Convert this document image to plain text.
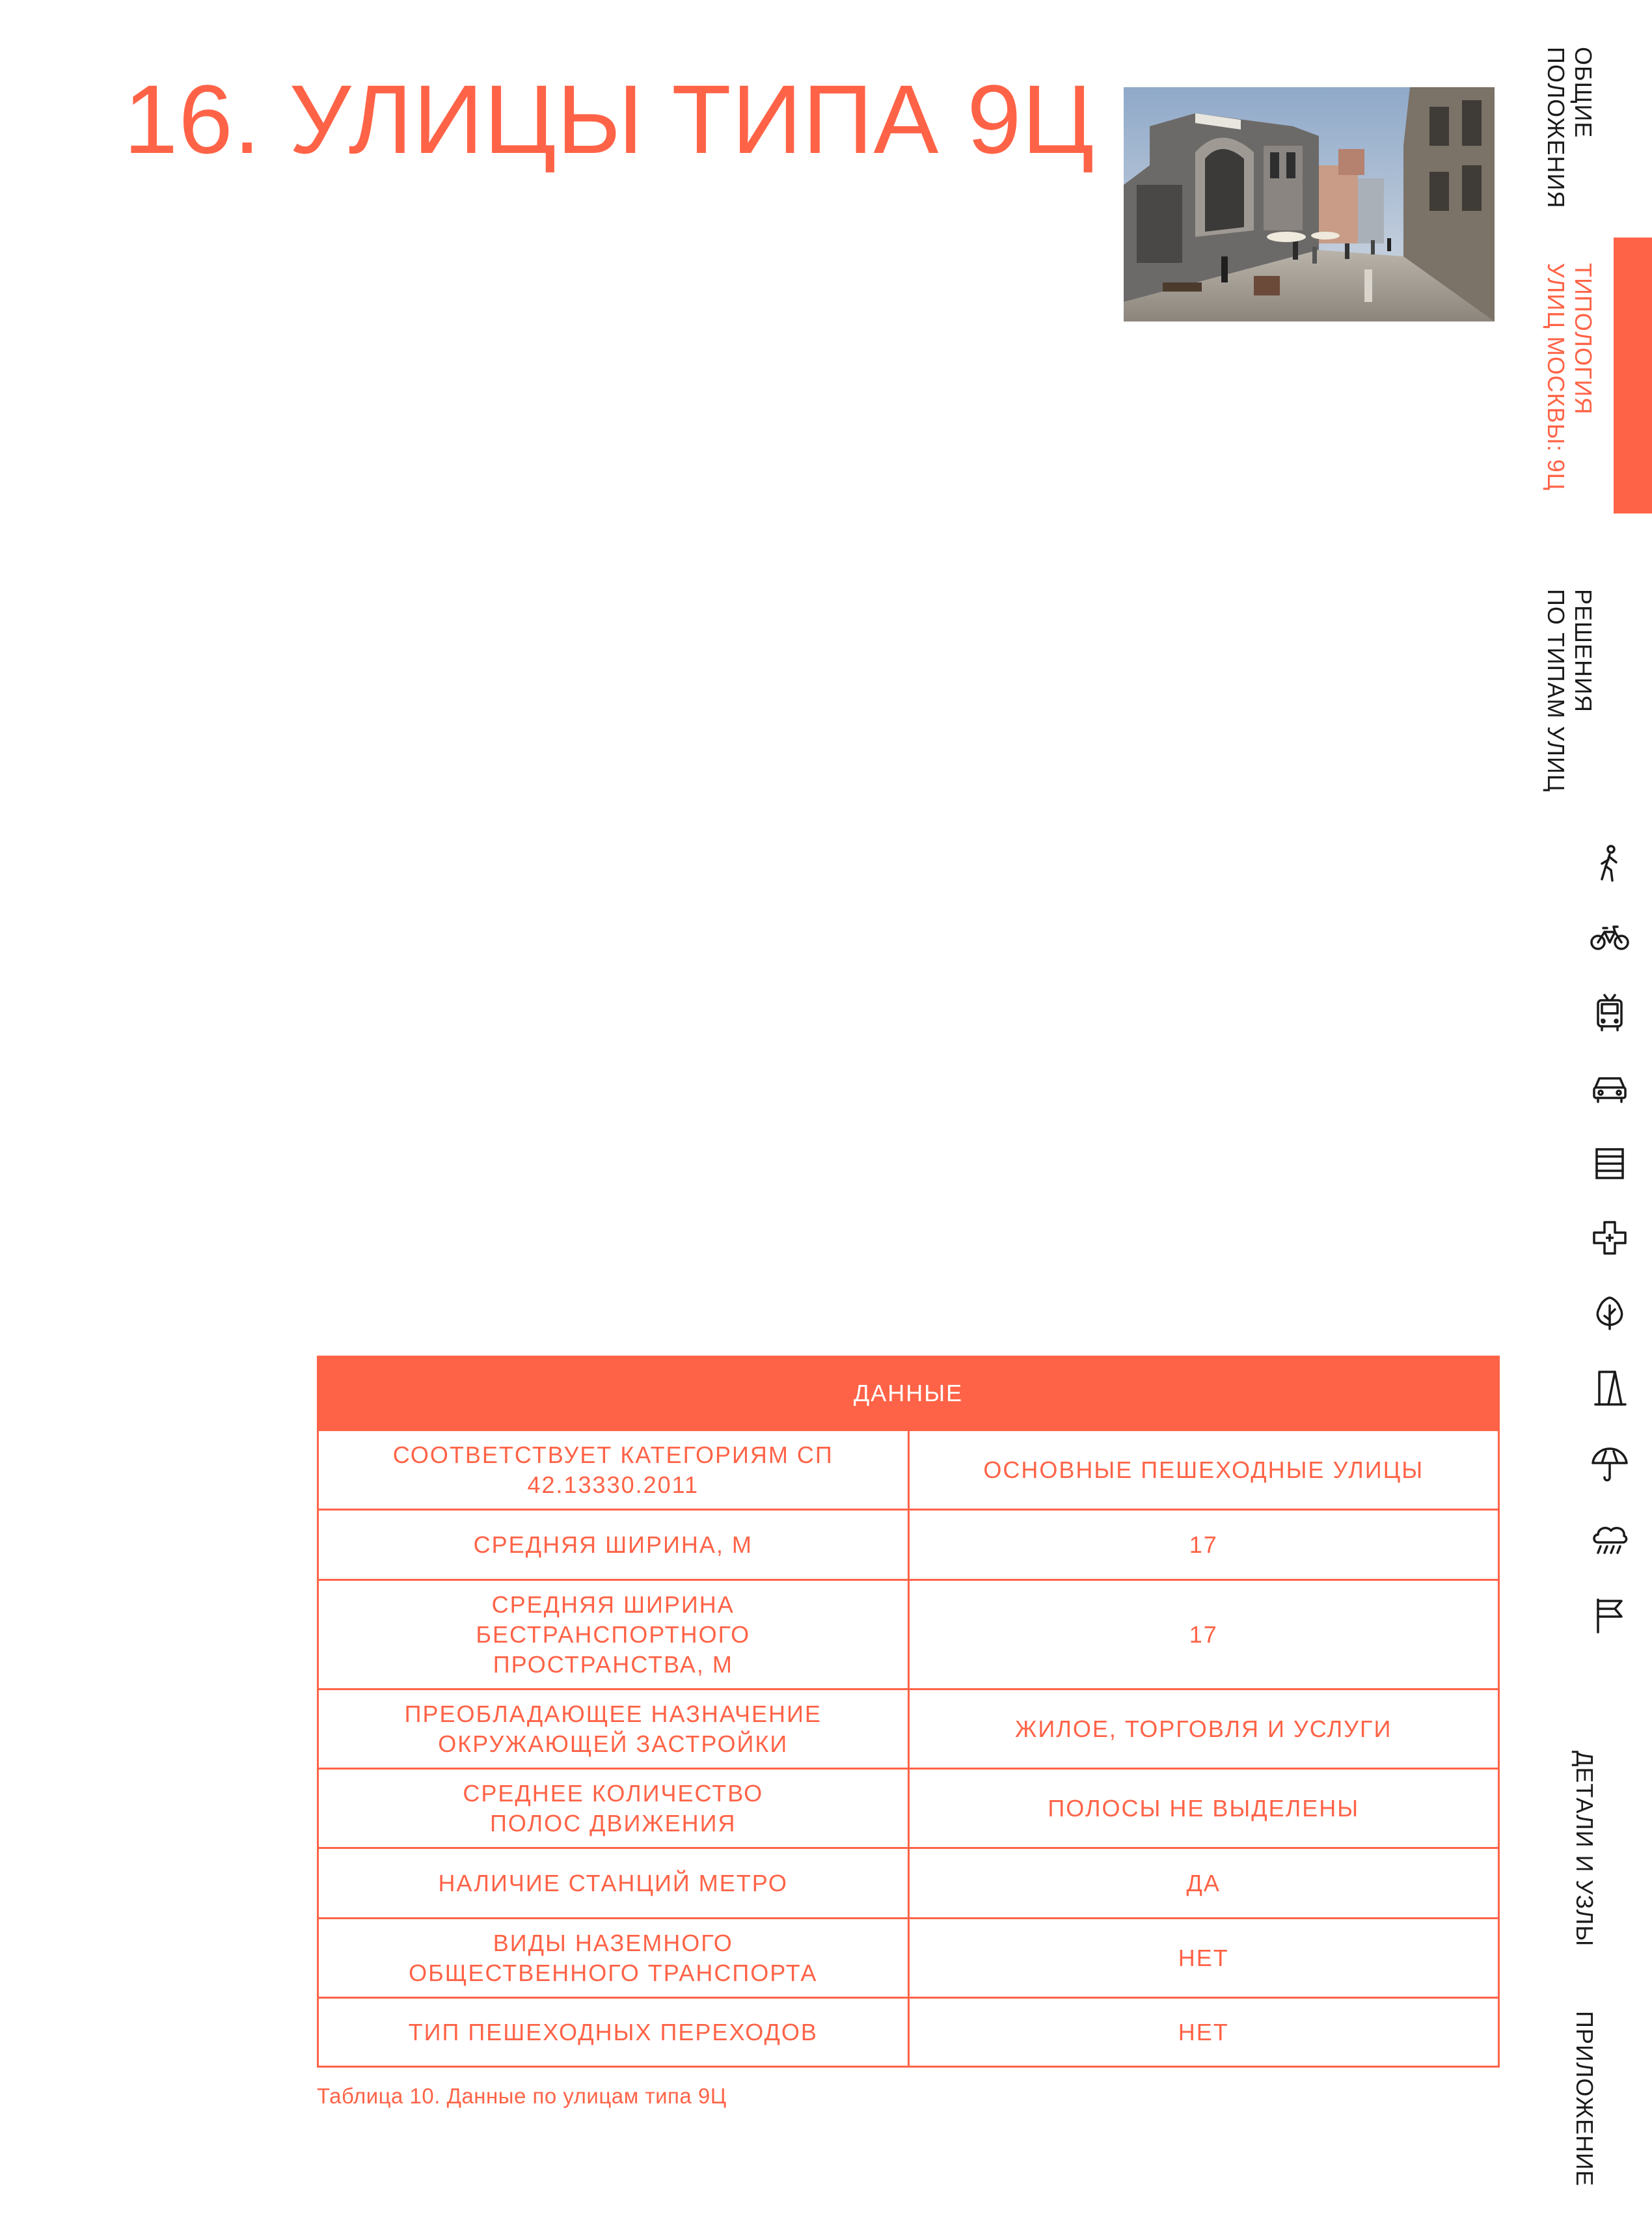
16. УЛИЦЫ ТИПА 9Ц	ОБЩИЕ
ПОЛОЖЕНИЯ
ТИПОЛОГИЯ
УЛИЦ МОСКВЫ: 9Ц
РЕШЕНИЯ
ПО ТИПАМ УЛИЦ
ДЕТАЛИ И УЗЛЫ
ПРИЛОЖЕНИЕ
ДАННЫЕ	
СООТВЕТСТВУЕТ КАТЕГОРИЯМ СП 42.13330.2011	ОСНОВНЫЕ ПЕШЕХОДНЫЕ УЛИЦЫ
СРЕДНЯЯ ШИРИНА, М	17
СРЕДНЯЯ ШИРИНА БЕСТРАНСПОРТНОГО ПРОСТРАНСТВА, М	17
ПРЕОБЛАДАЮЩЕЕ НАЗНАЧЕНИЕ ОКРУЖАЮЩЕЙ ЗАСТРОЙКИ	ЖИЛОЕ, ТОРГОВЛЯ И УСЛУГИ
СРЕДНЕЕ КОЛИЧЕСТВО ПОЛОС ДВИЖЕНИЯ	ПОЛОСЫ НЕ ВЫДЕЛЕНЫ
НАЛИЧИЕ СТАНЦИЙ МЕТРО	ДА
ВИДЫ НАЗЕМНОГО ОБЩЕСТВЕННОГО ТРАНСПОРТА	НЕТ
ТИП ПЕШЕХОДНЫХ ПЕРЕХОДОВ	НЕТ
Таблица 10. Данные по улицам типа 9Ц
